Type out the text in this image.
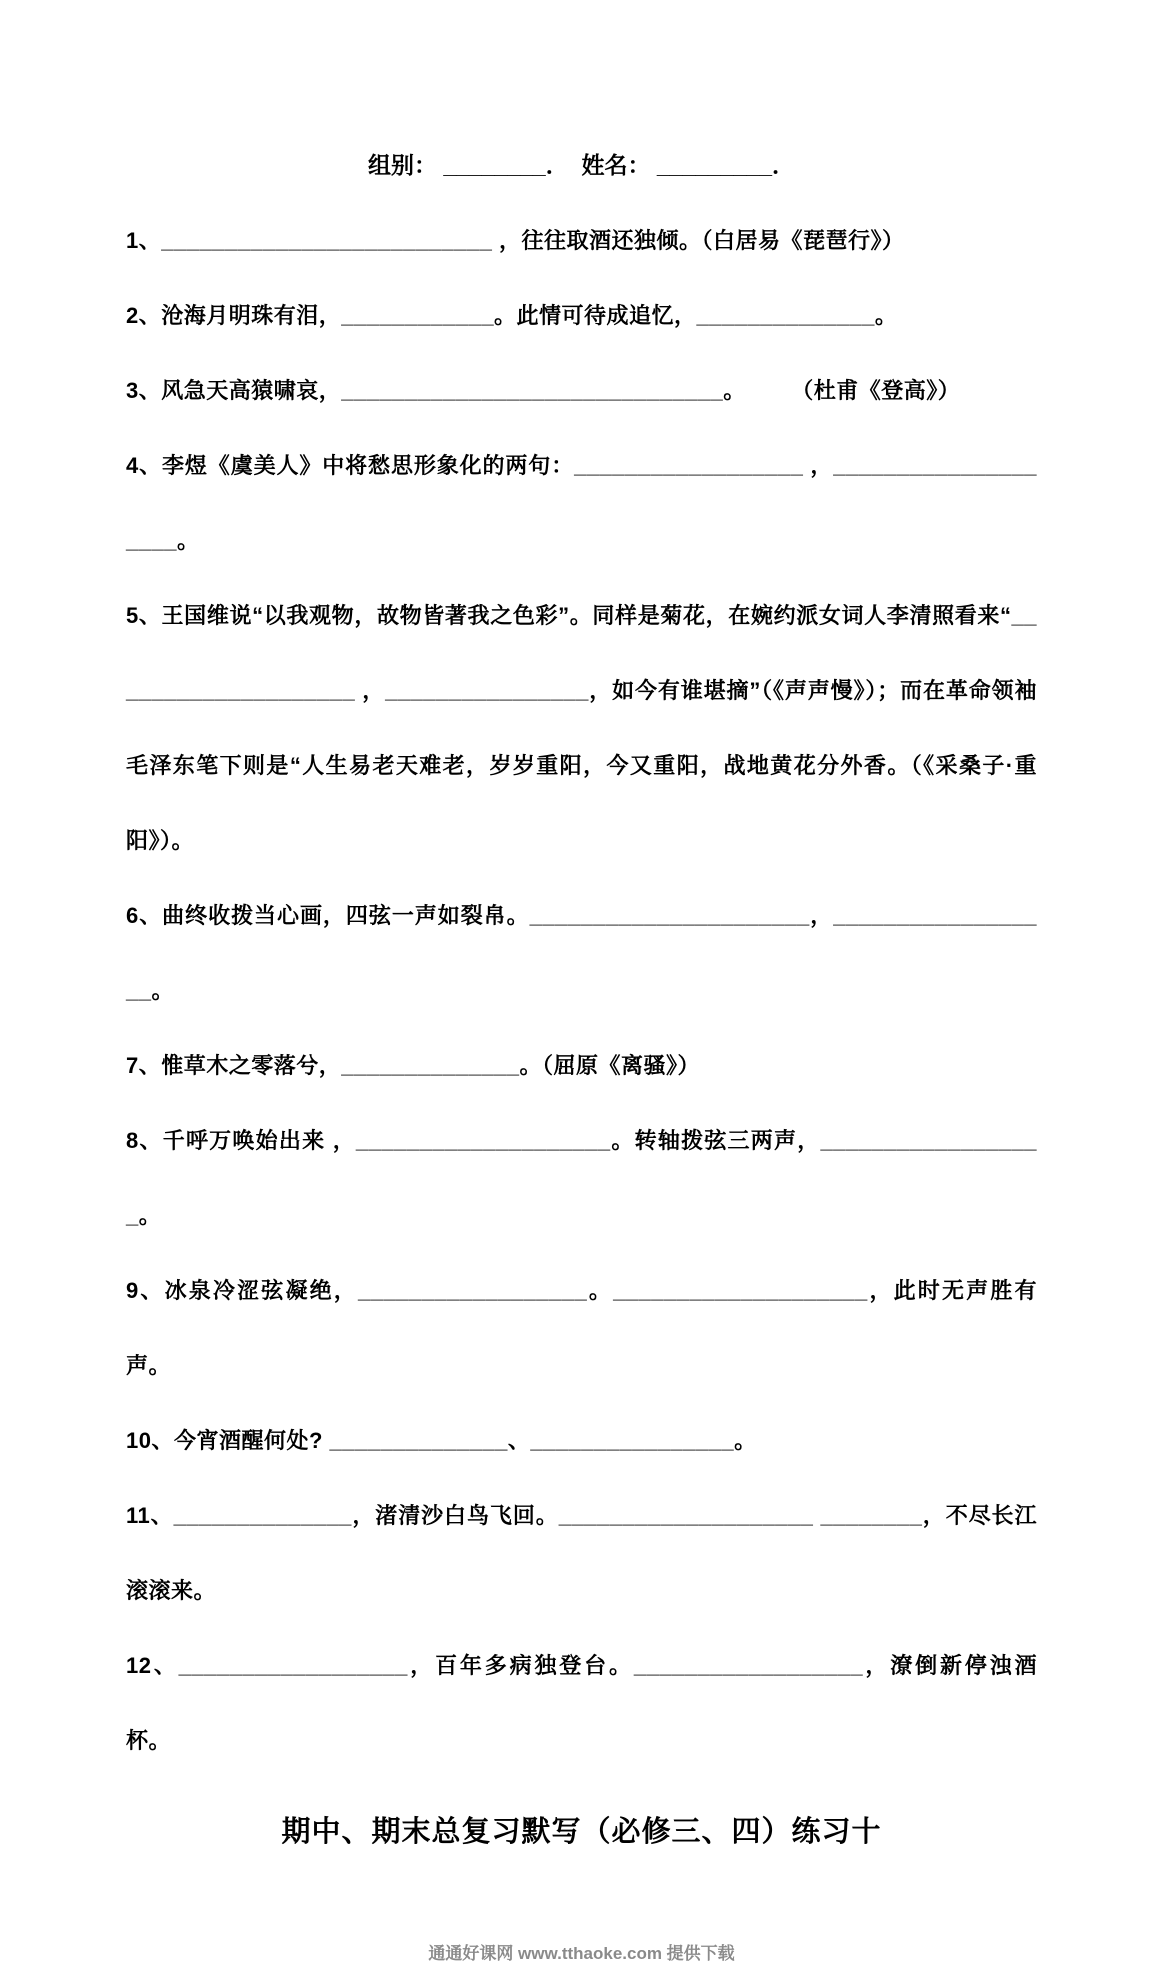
组别： ________．  姓名： _________．

1、__________________________ ，往往取酒还独倾。（白居易《琵琶行》）

2、沧海月明珠有泪，____________。此情可待成追忆，______________。

3、风急天高猿啸哀，______________________________。　　　（杜甫《登高》）

4、李煜《虞美人》中将愁思形象化的两句：__________________ ，____________________。

5、王国维说“以我观物，故物皆著我之色彩”。同样是菊花，在婉约派女词人李清照看来“____________________ ，________________，如今有谁堪摘”（《声声慢》）；而在革命领袖毛泽东笔下则是“人生易老天难老，岁岁重阳，今又重阳，战地黄花分外香。（《采桑子·重阳》）。

6、曲终收拨当心画，四弦一声如裂帛。______________________，__________________。

7、惟草木之零落兮，______________。（屈原《离骚》）

8、千呼万唤始出来 ，____________________。转轴拨弦三两声，__________________。

9、冰泉冷涩弦凝绝，__________________。____________________，此时无声胜有声。

10、今宵酒醒何处? ______________、________________。

11、______________，渚清沙白鸟飞回。____________________ ________，不尽长江滚滚来。

12、__________________，百年多病独登台。__________________，潦倒新停浊酒杯。

期中、期末总复习默写（必修三、四）练习十

通通好课网 www.tthaoke.com 提供下载
